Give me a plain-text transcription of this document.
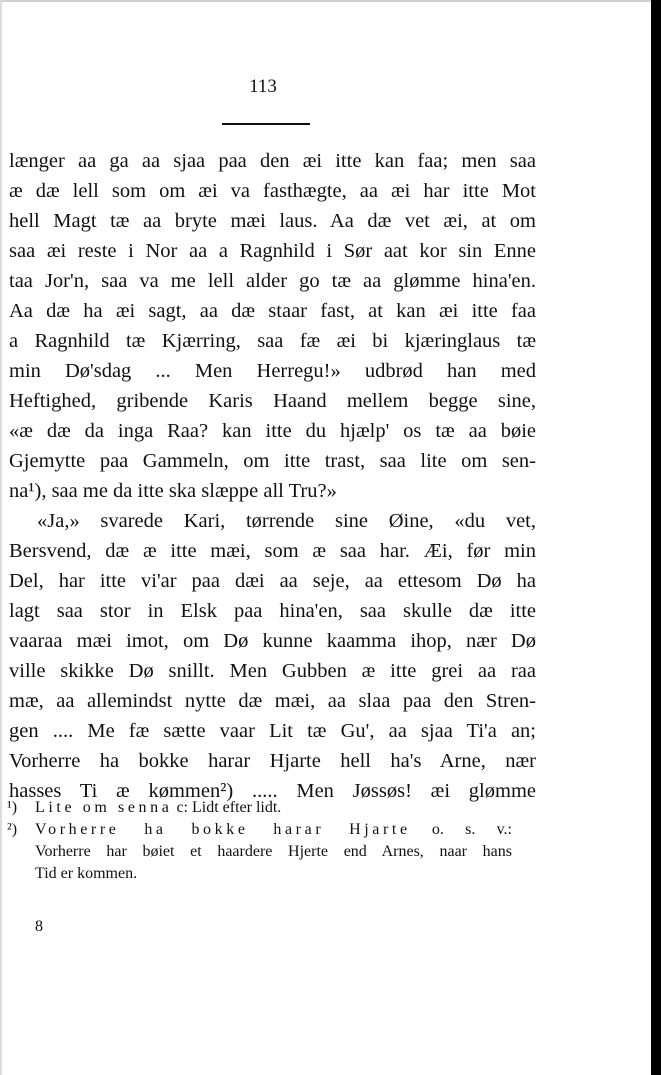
113
længer aa ga aa sjaa paa den æi itte kan faa; men saa
æ dæ lell som om æi va fasthægte, aa æi har itte Mot
hell Magt tæ aa bryte mæi laus. Aa dæ vet æi, at om
saa æi reste i Nor aa a Ragnhild i Sør aat kor sin Enne
taa Jor'n, saa va me lell alder go tæ aa glømme hina'en.
Aa dæ ha æi sagt, aa dæ staar fast, at kan æi itte faa
a Ragnhild tæ Kjærring, saa fæ æi bi kjæringlaus tæ
min Dø'sdag ... Men Herregu!» udbrød han med
Heftighed, gribende Karis Haand mellem begge sine,
«æ dæ da inga Raa? kan itte du hjælp' os tæ aa bøie
Gjemytte paa Gammeln, om itte trast, saa lite om sen-
na¹), saa me da itte ska slæppe all Tru?»
«Ja,» svarede Kari, tørrende sine Øine, «du vet,
Bersvend, dæ æ itte mæi, som æ saa har. Æi, før min
Del, har itte vi'ar paa dæi aa seje, aa ettesom Dø ha
lagt saa stor in Elsk paa hina'en, saa skulle dæ itte
vaaraa mæi imot, om Dø kunne kaamma ihop, nær Dø
ville skikke Dø snillt. Men Gubben æ itte grei aa raa
mæ, aa allemindst nytte dæ mæi, aa slaa paa den Stren-
gen .... Me fæ sætte vaar Lit tæ Gu', aa sjaa Ti'a an;
Vorherre ha bokke harar Hjarte hell ha's Arne, nær
hasses Ti æ kømmen²) ..... Men Jøssøs! æi glømme
¹) Lite om senna c: Lidt efter lidt.
²) Vorherre ha bokke harar Hjarte o. s. v.:
Vorherre har bøiet et haardere Hjerte end Arnes, naar hans
Tid er kommen.
8
